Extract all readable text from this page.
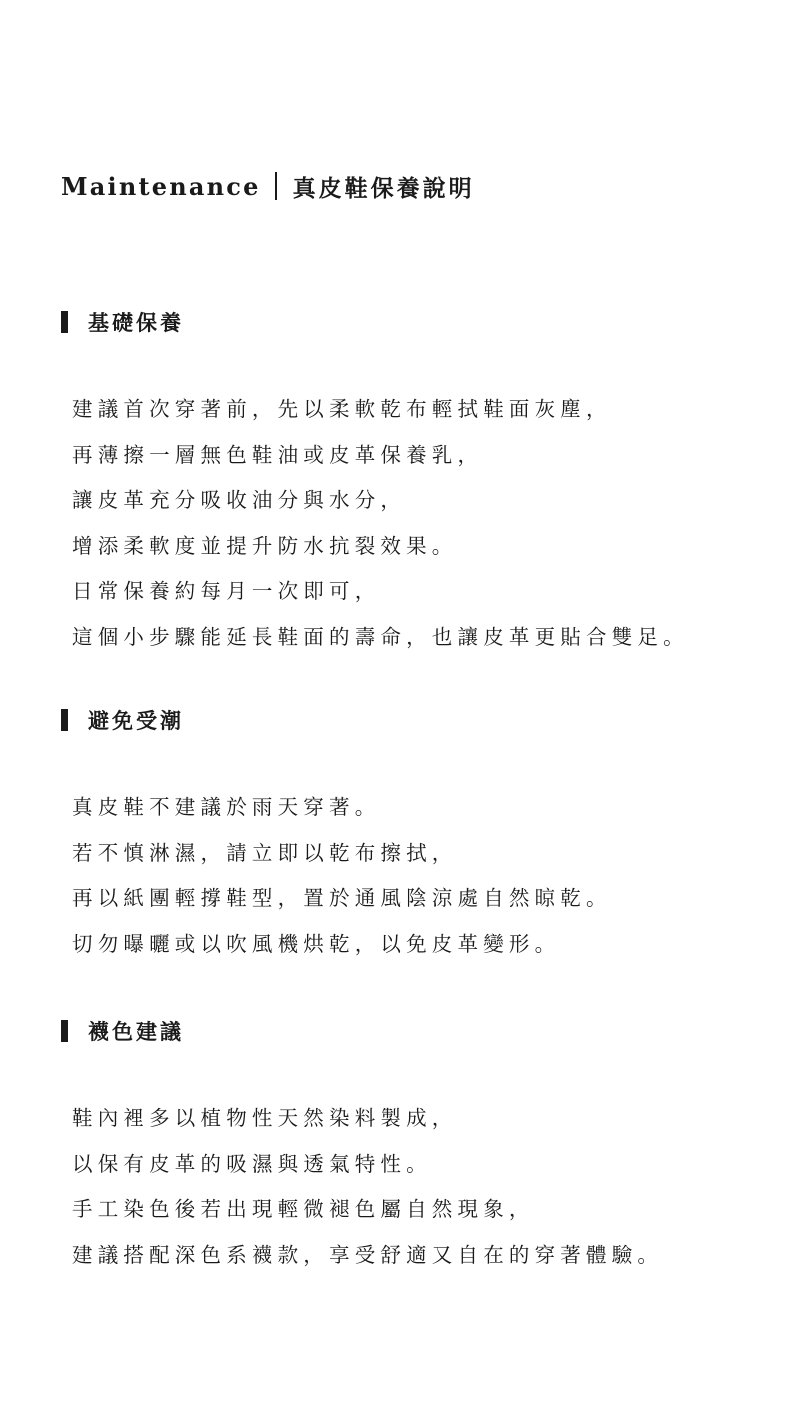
Maintenance 真皮鞋保養說明
基礎保養
建議首次穿著前，先以柔軟乾布輕拭鞋面灰塵，
再薄擦一層無色鞋油或皮革保養乳，
讓皮革充分吸收油分與水分，
增添柔軟度並提升防水抗裂效果。
日常保養約每月一次即可，
這個小步驟能延長鞋面的壽命，也讓皮革更貼合雙足。
避免受潮
真皮鞋不建議於雨天穿著。
若不慎淋濕，請立即以乾布擦拭，
再以紙團輕撐鞋型，置於通風陰涼處自然晾乾。
切勿曝曬或以吹風機烘乾，以免皮革變形。
襪色建議
鞋內裡多以植物性天然染料製成，
以保有皮革的吸濕與透氣特性。
手工染色後若出現輕微褪色屬自然現象，
建議搭配深色系襪款，享受舒適又自在的穿著體驗。
